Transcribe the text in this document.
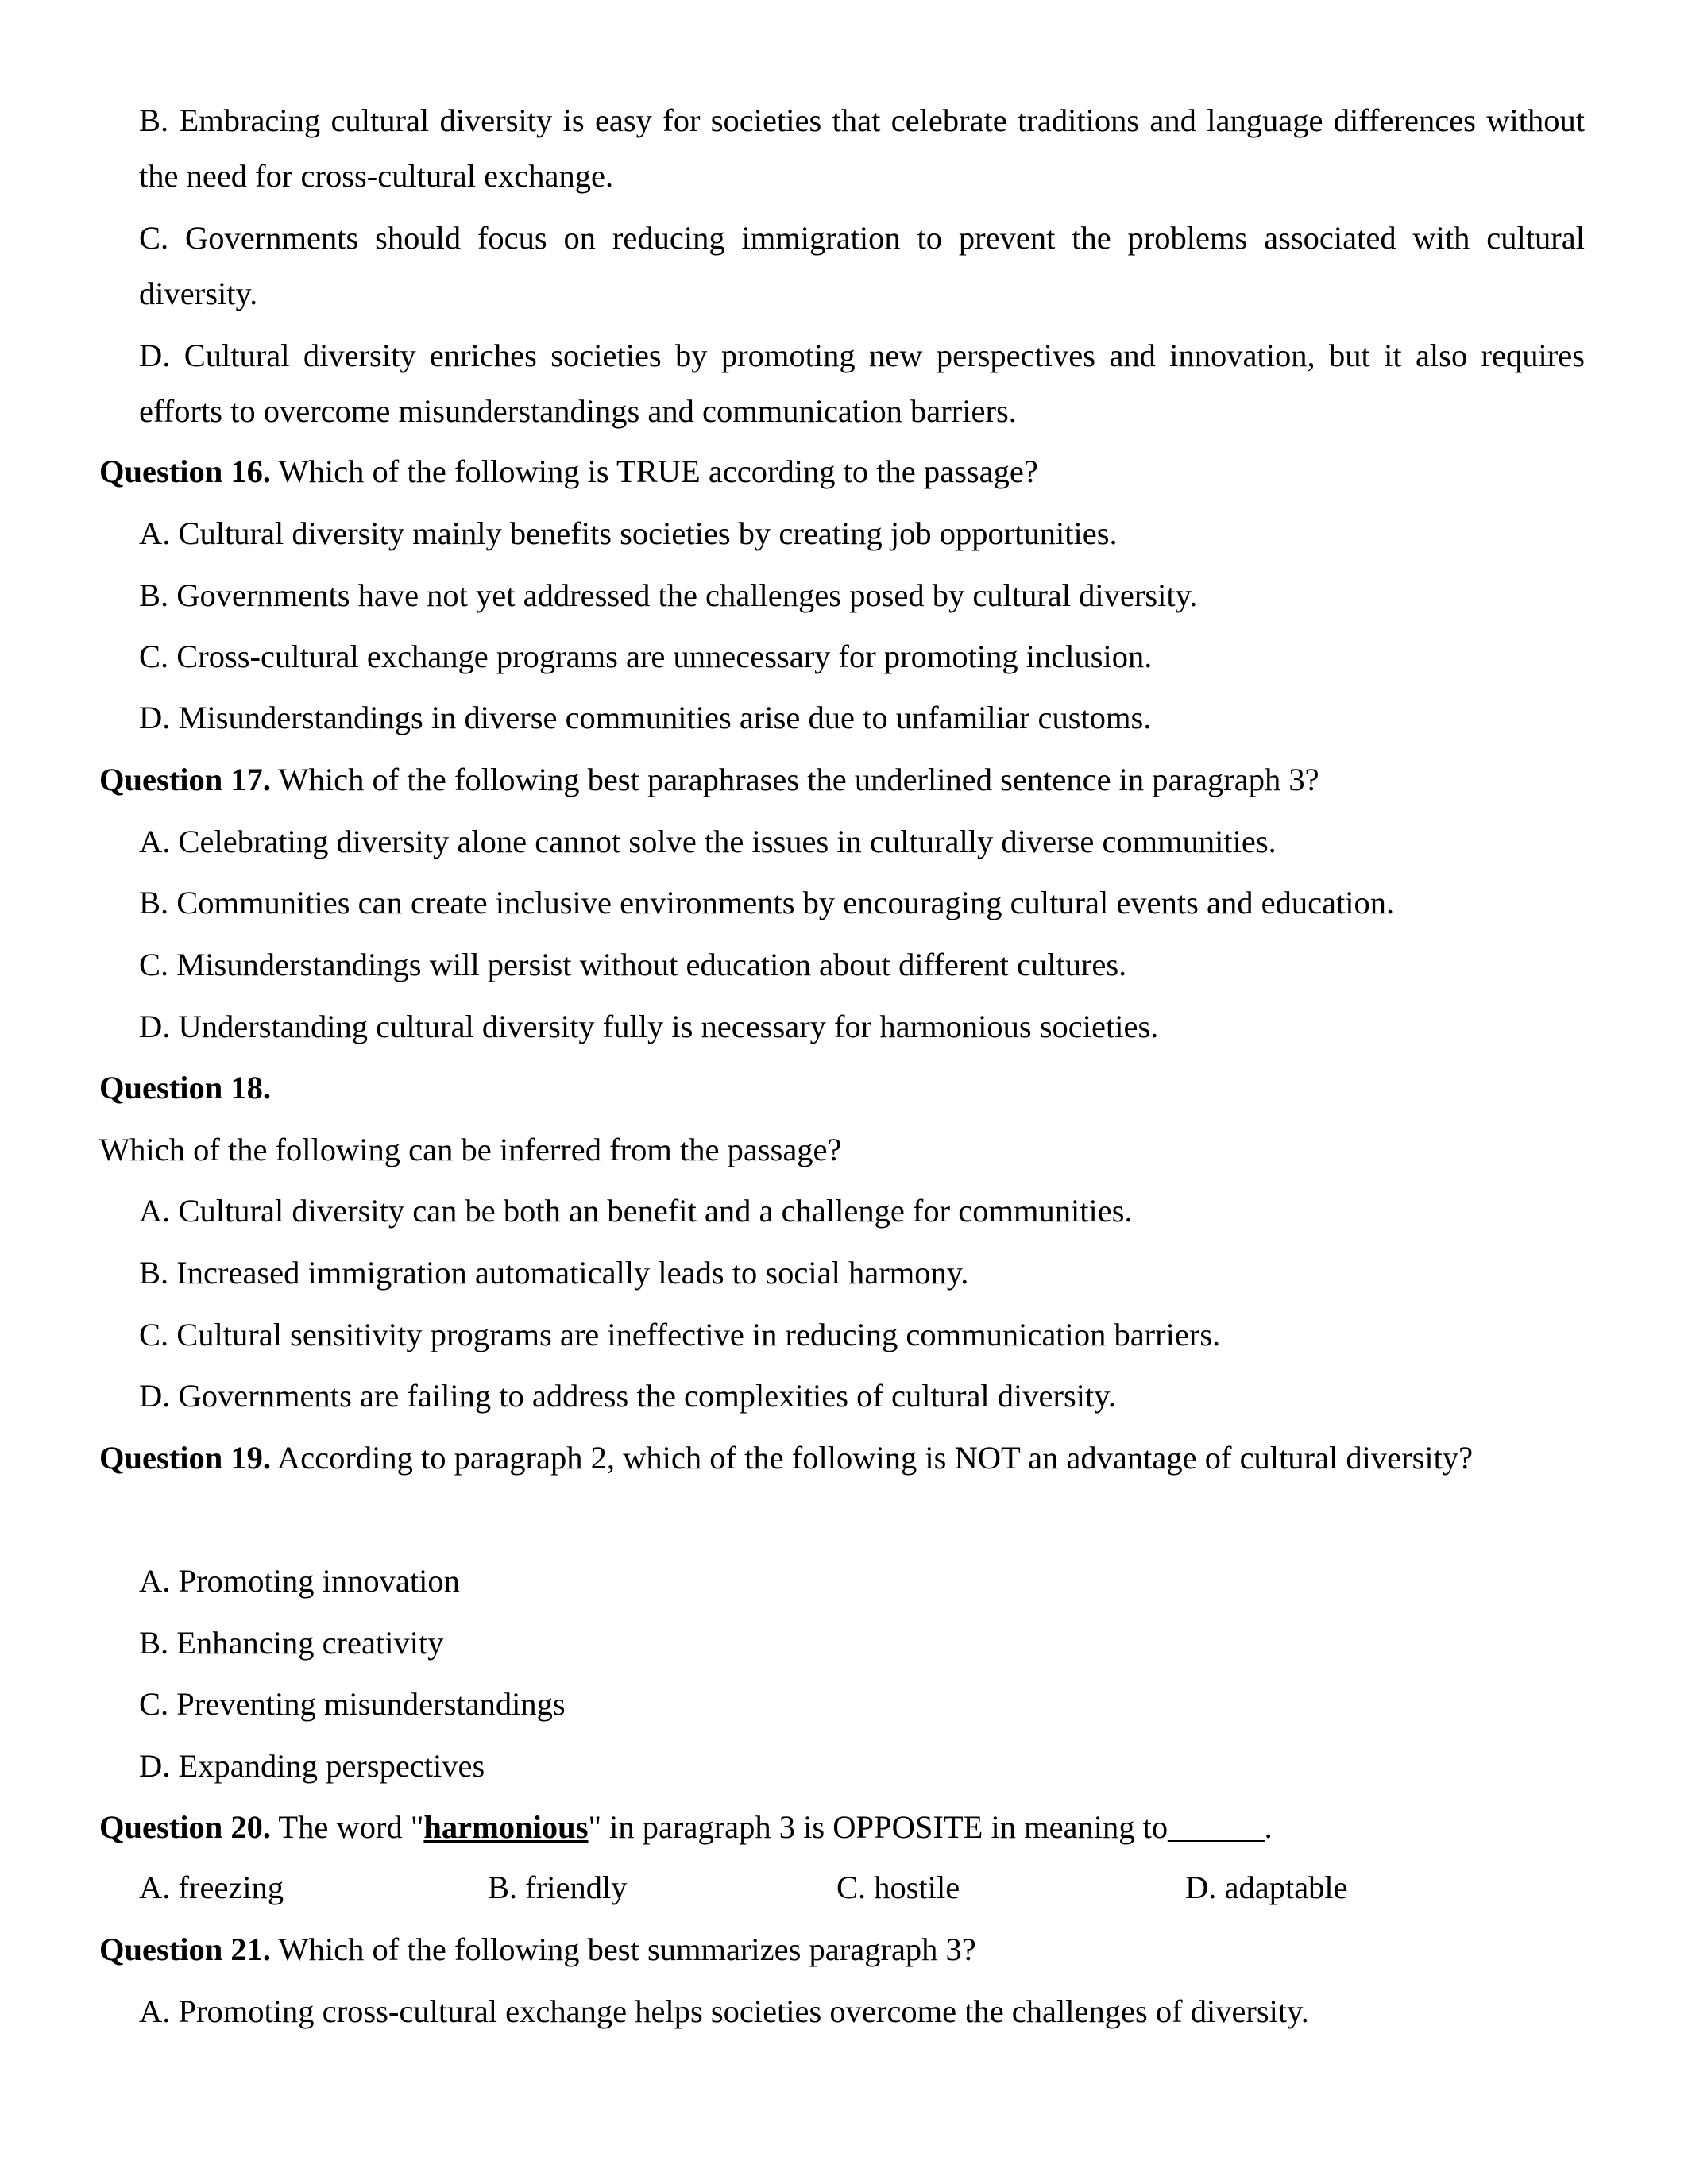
B. Embracing cultural diversity is easy for societies that celebrate traditions and language differences without the need for cross-cultural exchange.
C. Governments should focus on reducing immigration to prevent the problems associated with cultural diversity.
D. Cultural diversity enriches societies by promoting new perspectives and innovation, but it also requires efforts to overcome misunderstandings and communication barriers.
Question 16. Which of the following is TRUE according to the passage?
A. Cultural diversity mainly benefits societies by creating job opportunities.
B. Governments have not yet addressed the challenges posed by cultural diversity.
C. Cross-cultural exchange programs are unnecessary for promoting inclusion.
D. Misunderstandings in diverse communities arise due to unfamiliar customs.
Question 17. Which of the following best paraphrases the underlined sentence in paragraph 3?
A. Celebrating diversity alone cannot solve the issues in culturally diverse communities.
B. Communities can create inclusive environments by encouraging cultural events and education.
C. Misunderstandings will persist without education about different cultures.
D. Understanding cultural diversity fully is necessary for harmonious societies.
Question 18.
Which of the following can be inferred from the passage?
A. Cultural diversity can be both an benefit and a challenge for communities.
B. Increased immigration automatically leads to social harmony.
C. Cultural sensitivity programs are ineffective in reducing communication barriers.
D. Governments are failing to address the complexities of cultural diversity.
Question 19. According to paragraph 2, which of the following is NOT an advantage of cultural diversity?
A. Promoting innovation
B. Enhancing creativity
C. Preventing misunderstandings
D. Expanding perspectives
Question 20. The word "harmonious" in paragraph 3 is OPPOSITE in meaning to______.
A. freezing	B. friendly	C. hostile	D. adaptable
Question 21. Which of the following best summarizes paragraph 3?
A. Promoting cross-cultural exchange helps societies overcome the challenges of diversity.
